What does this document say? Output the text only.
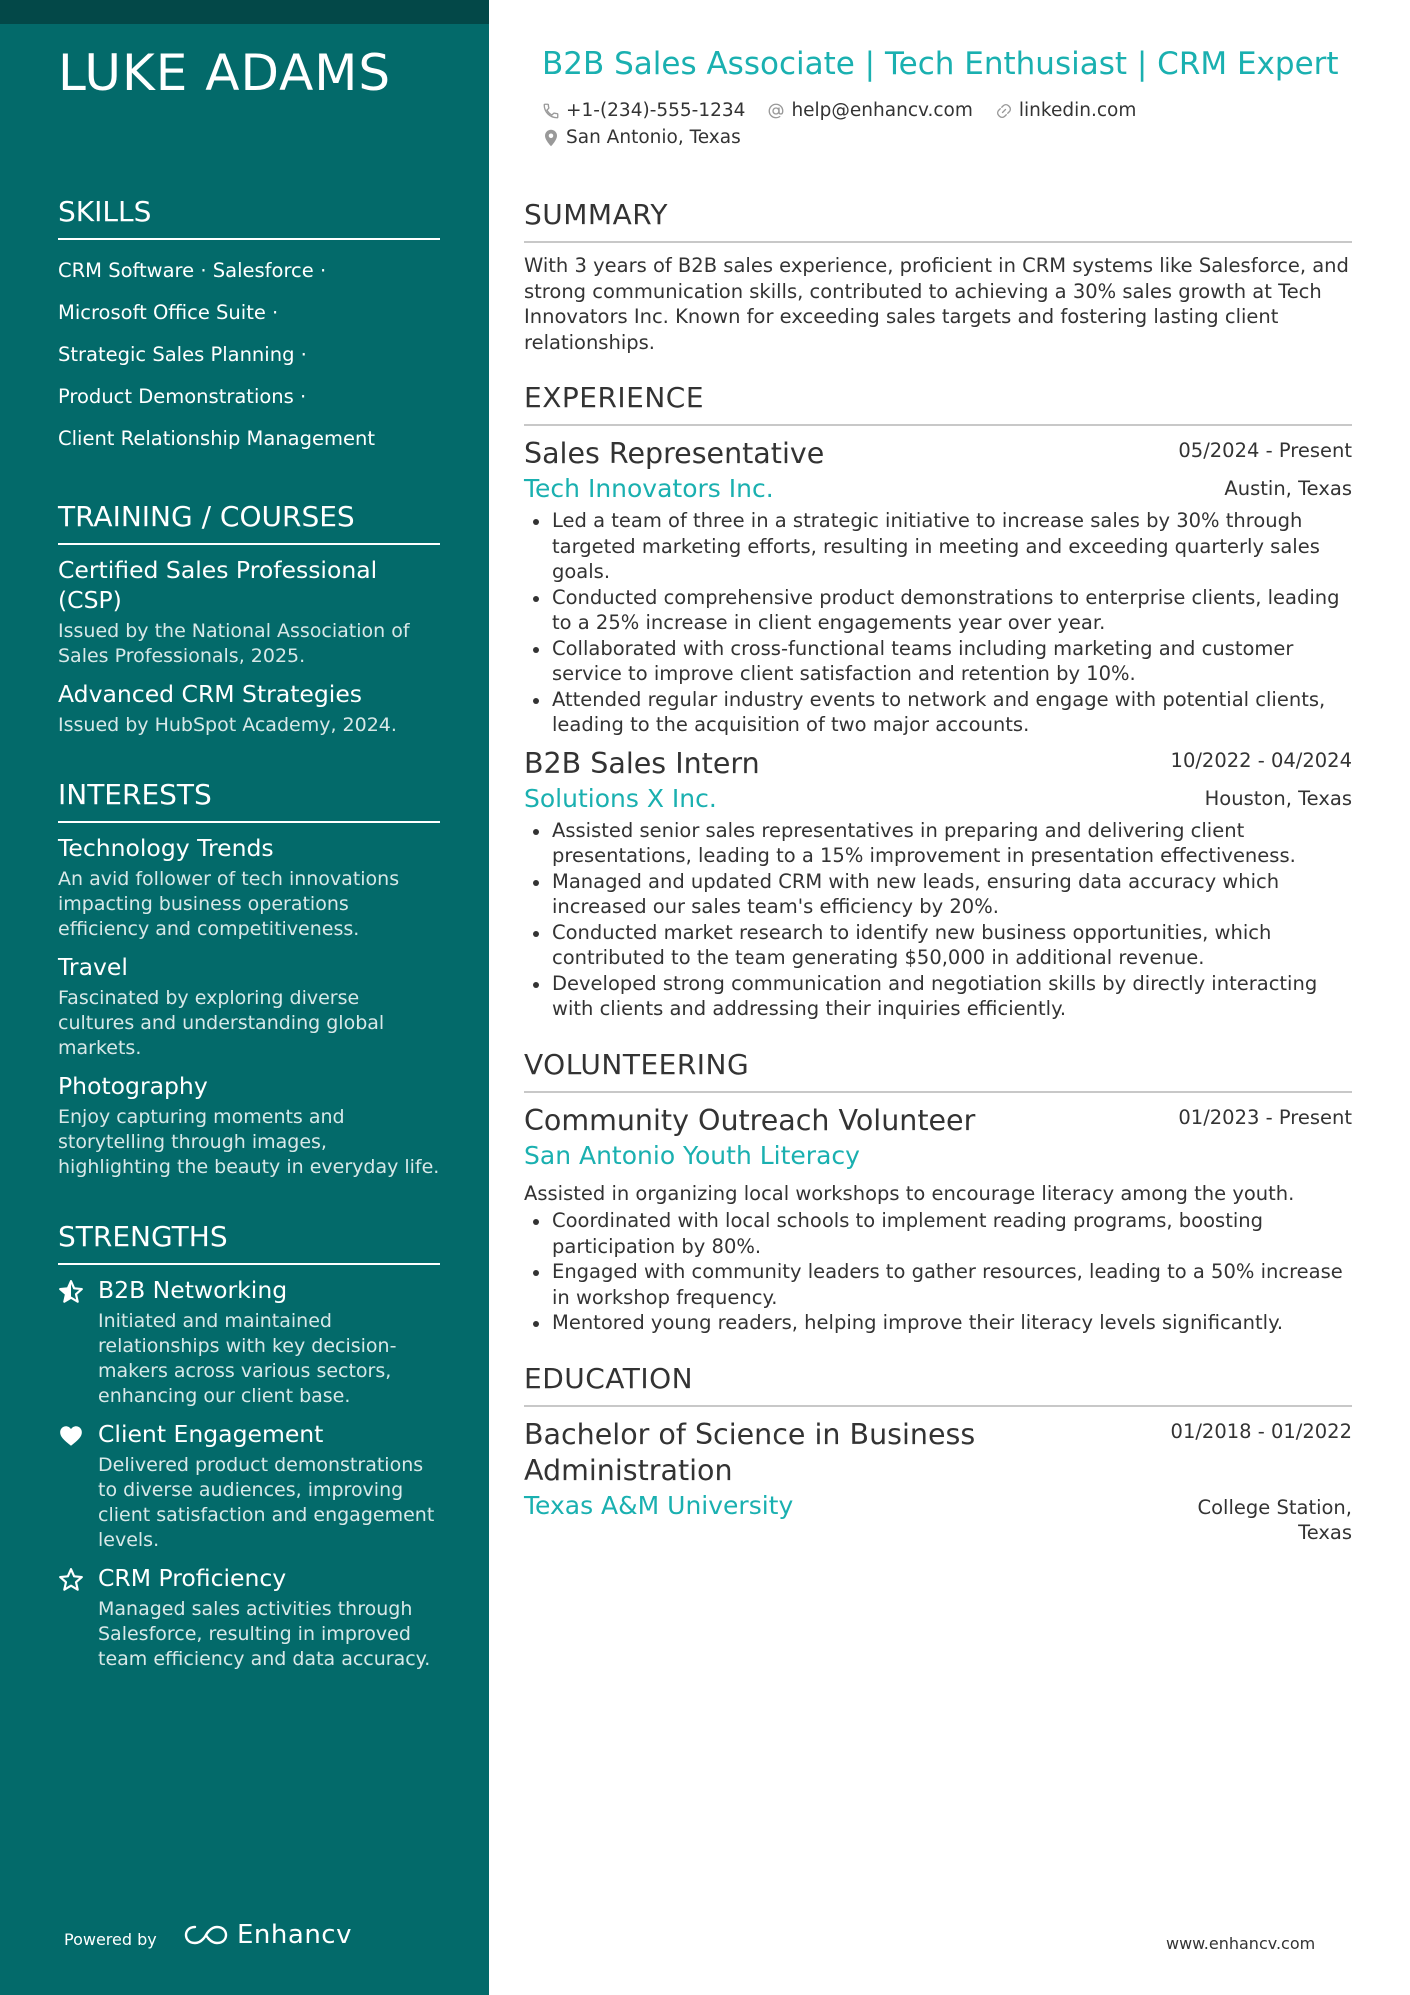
LUKE ADAMS
SKILLS
CRM Software · Salesforce ·
Microsoft Office Suite ·
Strategic Sales Planning ·
Product Demonstrations ·
Client Relationship Management
TRAINING / COURSES
Certified Sales Professional (CSP)
Issued by the National Association of Sales Professionals, 2025.
Advanced CRM Strategies
Issued by HubSpot Academy, 2024.
INTERESTS
Technology Trends
An avid follower of tech innovations impacting business operations efficiency and competitiveness.
Travel
Fascinated by exploring diverse cultures and understanding global markets.
Photography
Enjoy capturing moments and storytelling through images, highlighting the beauty in everyday life.
STRENGTHS
B2B Networking
Initiated and maintained relationships with key decision-makers across various sectors, enhancing our client base.
Client Engagement
Delivered product demonstrations to diverse audiences, improving client satisfaction and engagement levels.
CRM Proficiency
Managed sales activities through Salesforce, resulting in improved team efficiency and data accuracy.
Powered by	Enhancv
B2B Sales Associate | Tech Enthusiast | CRM Expert
+1-(234)-555-1234 help@enhancv.com linkedin.com
San Antonio, Texas
SUMMARY
With 3 years of B2B sales experience, proficient in CRM systems like Salesforce, and strong communication skills, contributed to achieving a 30% sales growth at Tech Innovators Inc. Known for exceeding sales targets and fostering lasting client relationships.
EXPERIENCE
Sales Representative	05/2024 - Present
Tech Innovators Inc.	Austin, Texas
Led a team of three in a strategic initiative to increase sales by 30% through targeted marketing efforts, resulting in meeting and exceeding quarterly sales goals.
Conducted comprehensive product demonstrations to enterprise clients, leading to a 25% increase in client engagements year over year.
Collaborated with cross-functional teams including marketing and customer service to improve client satisfaction and retention by 10%.
Attended regular industry events to network and engage with potential clients, leading to the acquisition of two major accounts.
B2B Sales Intern	10/2022 - 04/2024
Solutions X Inc.	Houston, Texas
Assisted senior sales representatives in preparing and delivering client presentations, leading to a 15% improvement in presentation effectiveness.
Managed and updated CRM with new leads, ensuring data accuracy which increased our sales team's efficiency by 20%.
Conducted market research to identify new business opportunities, which contributed to the team generating $50,000 in additional revenue.
Developed strong communication and negotiation skills by directly interacting with clients and addressing their inquiries efficiently.
VOLUNTEERING
Community Outreach Volunteer	01/2023 - Present
San Antonio Youth Literacy
Assisted in organizing local workshops to encourage literacy among the youth.
Coordinated with local schools to implement reading programs, boosting participation by 80%.
Engaged with community leaders to gather resources, leading to a 50% increase in workshop frequency.
Mentored young readers, helping improve their literacy levels significantly.
EDUCATION
Bachelor of Science in Business Administration
01/2018 - 01/2022
Texas A&M University	College Station, Texas
www.enhancv.com
